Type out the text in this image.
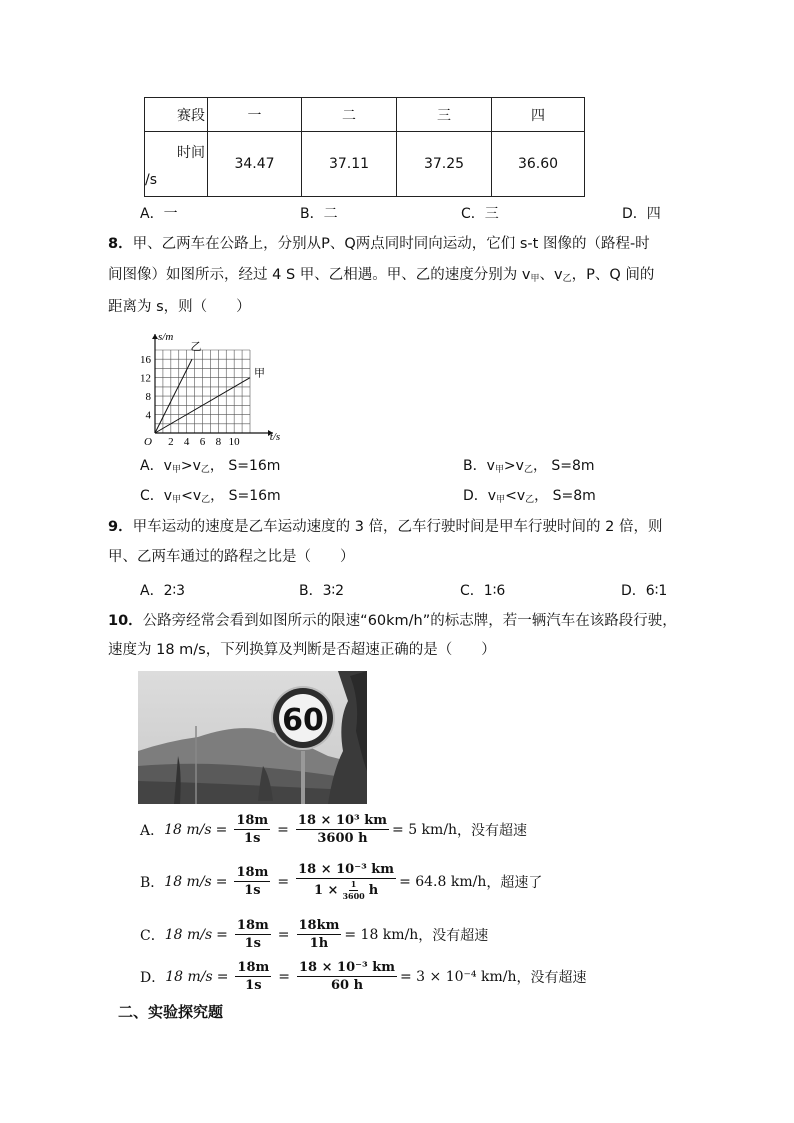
赛段	一	二	三	四

时间
/s	34.47	37.11	37.25	36.60
A．一	B．二	C．三	D．四
8．甲、乙两车在公路上，分别从P、Q两点同时同向运动，它们 s-t 图像的（路程-时
间图像）如图所示，经过 4 S 甲、乙相遇。甲、乙的速度分别为 $v_甲$、$v_乙$，P、Q 间的
距离为 s，则（　　）
4
8
12
16
2 4 6 8 10
s/m
t/s
O
乙
甲
A．$v_甲>v_乙$， S=16m	B．$v_甲>v_乙$， S=8m
C．$v_甲<v_乙$， S=16m	D．$v_甲<v_乙$， S=8m
9．甲车运动的速度是乙车运动速度的 3 倍，乙车行驶时间是甲车行驶时间的 2 倍，则
甲、乙两车通过的路程之比是（　　）
A．2∶3	B．3∶2	C．1∶6	D．6∶1
10．公路旁经常会看到如图所示的限速“60km/h”的标志牌，若一辆汽车在该路段行驶，
速度为 18 m/s，下列换算及判断是否超速正确的是（　　）
60
A． 18 $m/s = \frac{18m}{1s} = \frac{\text{18 × 10³ km}}{3600 h} = 5$ km/h ，没有超速
B． 18 $m/s = \frac{18m}{1s} = \frac{\text{18 × 10⁻³ km}}{1 \times \frac{1}{3600} h} = 64.8$ km/h ，超速了
C． 18 $m/s = \frac{18m}{1s} = \frac{18km}{1h} = 18$ km/h ，没有超速
D． 18 $m/s = \frac{18m}{1s} = \frac{\text{18 × 10⁻³ km}}{60 h} = 3 \times 10^{-4}$ km/h ，没有超速
二、实验探究题
